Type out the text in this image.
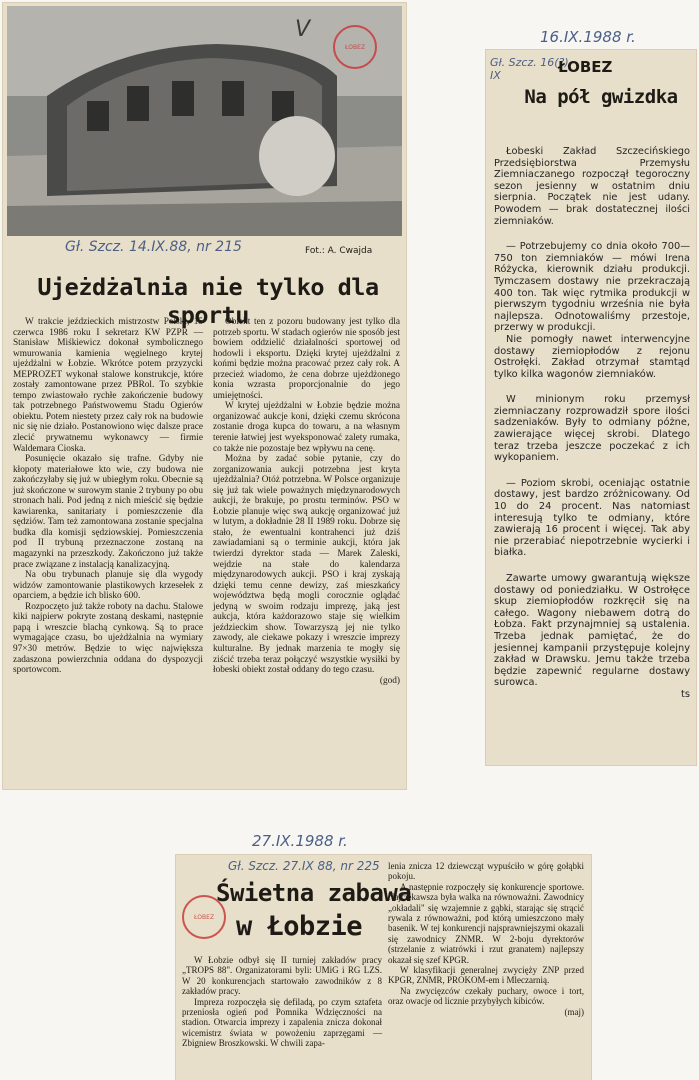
ŁOBEZ
V
Gł. Szcz. 14.IX.88, nr 215	Fot.: A. Cwajda
Ujeżdżalnia nie tylko dla sportu

W trakcie jeździeckich mistrzostw Polski, 15 czerwca 1986 roku I sekretarz KW PZPR — Stanisław Miśkiewicz dokonał symbolicznego wmurowania kamienia węgielnego krytej ujeżdżalni w Łobzie. Wkrótce potem przyzycki MEPROZET wykonał stalowe konstrukcje, które zostały zamontowane przez PBRol. To szybkie tempo zwiastowało rychłe zakończenie budowy tak potrzebnego Państwowemu Stadu Ogierów obiektu. Potem niestety przez cały rok na budowie nic się nie działo. Postanowiono więc dalsze prace zlecić prywatnemu wykonawcy — firmie Waldemara Cioska.

Posunięcie okazało się trafne. Gdyby nie kłopoty materiałowe kto wie, czy budowa nie zakończyłaby się już w ubiegłym roku. Obecnie są już skończone w surowym stanie 2 trybuny po obu stronach hali. Pod jedną z nich mieścić się będzie kawiarenka, sanitariaty i pomieszczenie dla sędziów. Tam też zamontowana zostanie specjalna budka dla komisji sędziowskiej. Pomieszczenia pod II trybuną przeznaczone zostaną na magazynki na przeszkody. Zakończono już także prace związane z instalacją kanalizacyjną.

Na obu trybunach planuje się dla wygody widzów zamontowanie plastikowych krzesełek z oparciem, a będzie ich blisko 600.

Rozpoczęto już także roboty na dachu. Stalowe kiki najpierw pokryte zostaną deskami, następnie papą i wreszcie blachą cynkową. Są to prace wymagające czasu, bo ujeżdżalnia na wymiary 97×30 metrów. Będzie to więc największa zadaszona powierzchnia oddana do dyspozycji sportowcom.

Obiekt ten z pozoru budowany jest tylko dla potrzeb sportu. W stadach ogierów nie sposób jest bowiem oddzielić działalności sportowej od hodowli i eksportu. Dzięki krytej ujeżdżalni z końmi będzie można pracować przez cały rok. A przecież wiadomo, że cena dobrze ujeżdżonego konia wzrasta proporcjonalnie do jego umiejętności.

W krytej ujeżdżalni w Łobzie będzie można organizować aukcje koni, dzięki czemu skrócona zostanie droga kupca do towaru, a na własnym terenie łatwiej jest wyeksponować zalety rumaka, co także nie pozostaje bez wpływu na cenę.

Można by zadać sobie pytanie, czy do zorganizowania aukcji potrzebna jest kryta ujeżdżalnia? Otóż potrzebna. W Polsce organizuje się już tak wiele poważnych międzynarodowych aukcji, że brakuje, po prostu terminów. PSO w Łobzie planuje więc swą aukcję organizować już w lutym, a dokładnie 28 II 1989 roku. Dobrze się stało, że ewentualni kontrahenci już dziś zawiadamiani są o terminie aukcji, która jak twierdzi dyrektor stada — Marek Zaleski, wejdzie na stałe do kalendarza międzynarodowych aukcji. PSO i kraj zyskają dzięki temu cenne dewizy, zaś mieszkańcy województwa będą mogli corocznie oglądać jedyną w swoim rodzaju imprezę, jaką jest aukcja, która każdorazowo staje się wielkim jeździeckim show. Towarzyszą jej nie tylko zawody, ale ciekawe pokazy i wreszcie imprezy kulturalne. By jednak marzenia te mogły się ziścić trzeba teraz połączyć wszystkie wysiłki by łobeski obiekt został oddany do tego czasu.

(god)

16.IX.1988 r.
Gł. Szcz. 16(?) IX	ŁOBEZ
Na pół gwizdka

Łobeski Zakład Szczecińskiego Przedsiębiorstwa Przemysłu Ziemniaczanego rozpoczął tegoroczny sezon jesienny w ostatnim dniu sierpnia. Początek nie jest udany. Powodem — brak dostatecznej ilości ziemniaków.

— Potrzebujemy co dnia około 700—750 ton ziemniaków — mówi Irena Różycka, kierownik działu produkcji. Tymczasem dostawy nie przekraczają 400 ton. Tak więc rytmika produkcji w pierwszym tygodniu września nie była najlepsza. Odnotowaliśmy przestoje, przerwy w produkcji.

Nie pomogły nawet interwencyjne dostawy ziemiopłodów z rejonu Ostrołęki. Zakład otrzymał stamtąd tylko kilka wagonów ziemniaków.

W minionym roku przemysł ziemniaczany rozprowadził spore ilości sadzeniaków. Były to odmiany póżne, zawierające więcej skrobi. Dlatego teraz trzeba jeszcze poczekać z ich wykopaniem.

— Poziom skrobi, oceniając ostatnie dostawy, jest bardzo zróżnicowany. Od 10 do 24 procent. Nas natomiast interesują tylko te odmiany, które zawierają 16 procent i więcej. Tak aby nie przerabiać niepotrzebnie wycierki i białka.

Zawarte umowy gwarantują większe dostawy od poniedziałku. W Ostrołęce skup ziemiopłodów rozkręcił się na całego. Wagony niebawem dotrą do Łobza. Fakt przynajmniej są ustalenia. Trzeba jednak pamiętać, że do jesiennej kampanii przystępuje kolejny zakład w Drawsku. Jemu także trzeba będzie zapewnić regularne dostawy surowca.

ts

27.IX.1988 r.
ŁOBEZ
Gł. Szcz. 27.IX 88, nr 225
Świetna zabawa
w Łobzie

W Łobzie odbył się II turniej zakładów pracy „TROPS 88". Organizatorami byli: UMiG i RG LZS. W 20 konkurencjach startowało zawodników z 8 zakładów pracy.

Impreza rozpoczęła się defiladą, po czym sztafeta przeniosła ogień pod Pomnika Wdzięczności na stadion. Otwarcia imprezy i zapalenia znicza dokonał wicemistrz świata w powożeniu zaprzęgami — Zbigniew Broszkowski. W chwili zapa-

lenia znicza 12 dziewcząt wypuściło w górę gołąbki pokoju.

A następnie rozpoczęły się konkurencje sportowe. Najciekawsza była walka na równoważni. Zawodnicy „okładali" się wzajemnie z gąbki, starając się strącić rywala z równoważni, pod którą umieszczono mały basenik. W tej konkurencji najsprawniejszymi okazali się zawodnicy ZNMR. W 2-boju dyrektorów (strzelanie z wiatrówki i rzut granatem) najlepszy okazał się szef KPGR.

W klasyfikacji generalnej zwycięży ZNP przed KPGR, ZNMR, PROKOM-em i Mleczarnią.

Na zwycięzców czekały puchary, owoce i tort, oraz owacje od licznie przybyłych kibiców.

(maj)
